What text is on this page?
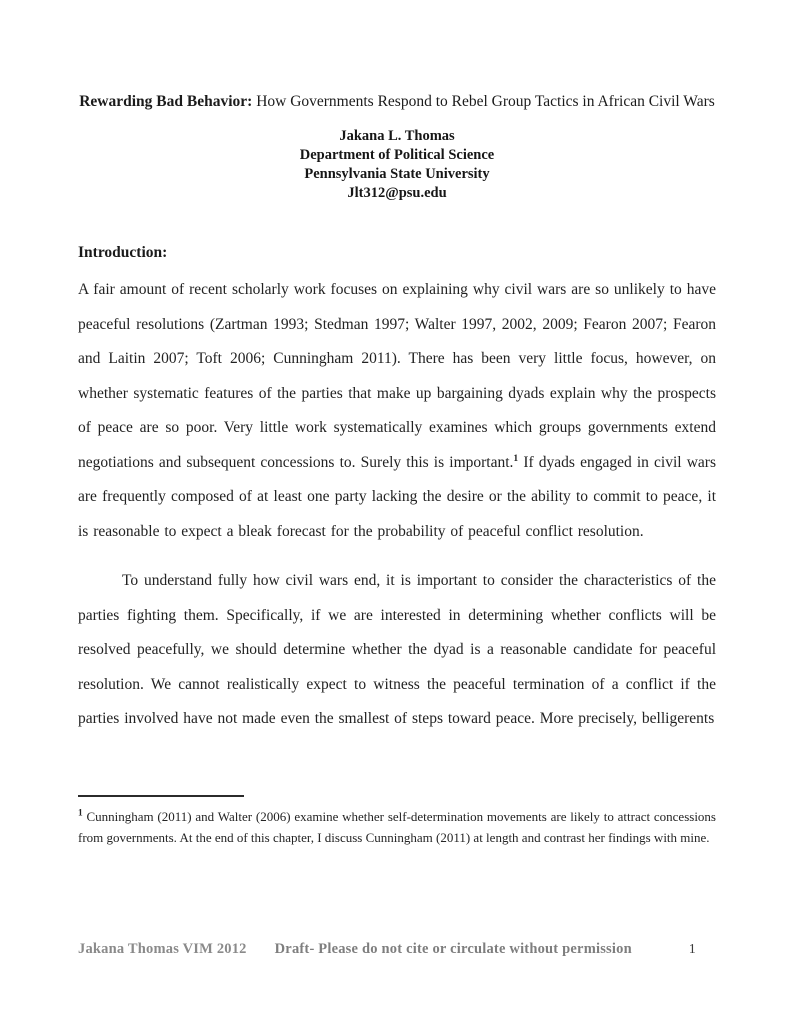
Rewarding Bad Behavior: How Governments Respond to Rebel Group Tactics in African Civil Wars
Jakana L. Thomas
Department of Political Science
Pennsylvania State University
Jlt312@psu.edu
Introduction:
A fair amount of recent scholarly work focuses on explaining why civil wars are so unlikely to have peaceful resolutions (Zartman 1993; Stedman 1997; Walter 1997, 2002, 2009; Fearon 2007; Fearon and Laitin 2007; Toft 2006; Cunningham 2011). There has been very little focus, however, on whether systematic features of the parties that make up bargaining dyads explain why the prospects of peace are so poor. Very little work systematically examines which groups governments extend negotiations and subsequent concessions to. Surely this is important.$^1$ If dyads engaged in civil wars are frequently composed of at least one party lacking the desire or the ability to commit to peace, it is reasonable to expect a bleak forecast for the probability of peaceful conflict resolution.
To understand fully how civil wars end, it is important to consider the characteristics of the parties fighting them. Specifically, if we are interested in determining whether conflicts will be resolved peacefully, we should determine whether the dyad is a reasonable candidate for peaceful resolution. We cannot realistically expect to witness the peaceful termination of a conflict if the parties involved have not made even the smallest of steps toward peace. More precisely, belligerents
$^1$ Cunningham (2011) and Walter (2006) examine whether self-determination movements are likely to attract concessions from governments. At the end of this chapter, I discuss Cunningham (2011) at length and contrast her findings with mine.
Jakana Thomas VIM 2012 Draft- Please do not cite or circulate without permission	1
